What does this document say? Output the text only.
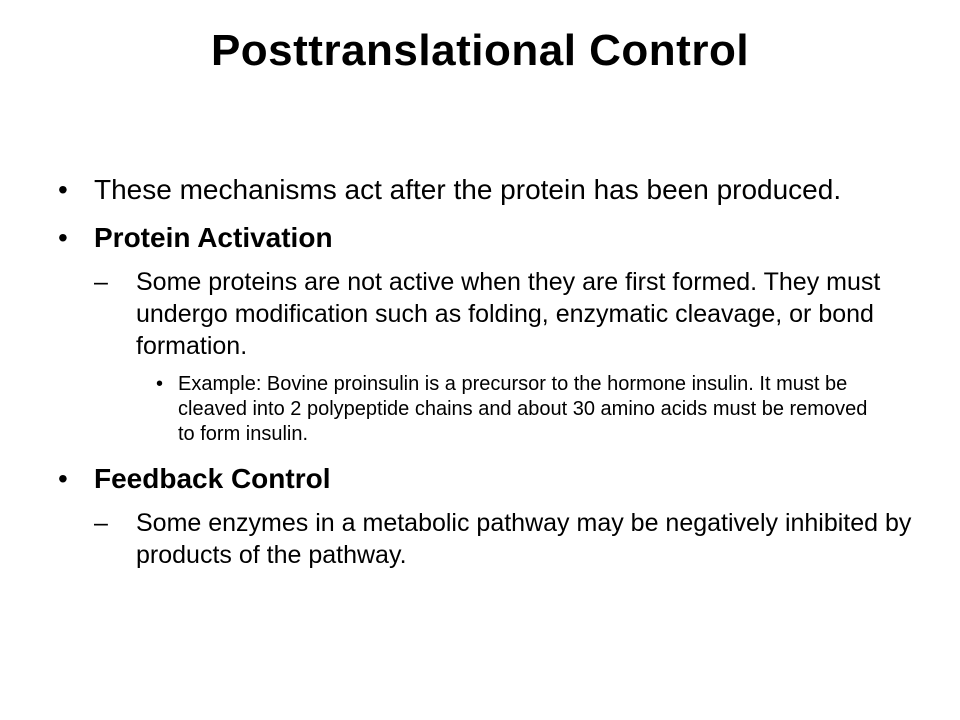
Posttranslational Control
• These mechanisms act after the protein has been produced.
• Protein Activation
– Some proteins are not active when they are first formed. They must undergo modification such as folding, enzymatic cleavage, or bond formation.
• Example: Bovine proinsulin is a precursor to the hormone insulin. It must be cleaved into 2 polypeptide chains and about 30 amino acids must be removed to form insulin.
• Feedback Control
– Some enzymes in a metabolic pathway may be negatively inhibited by products of the pathway.
